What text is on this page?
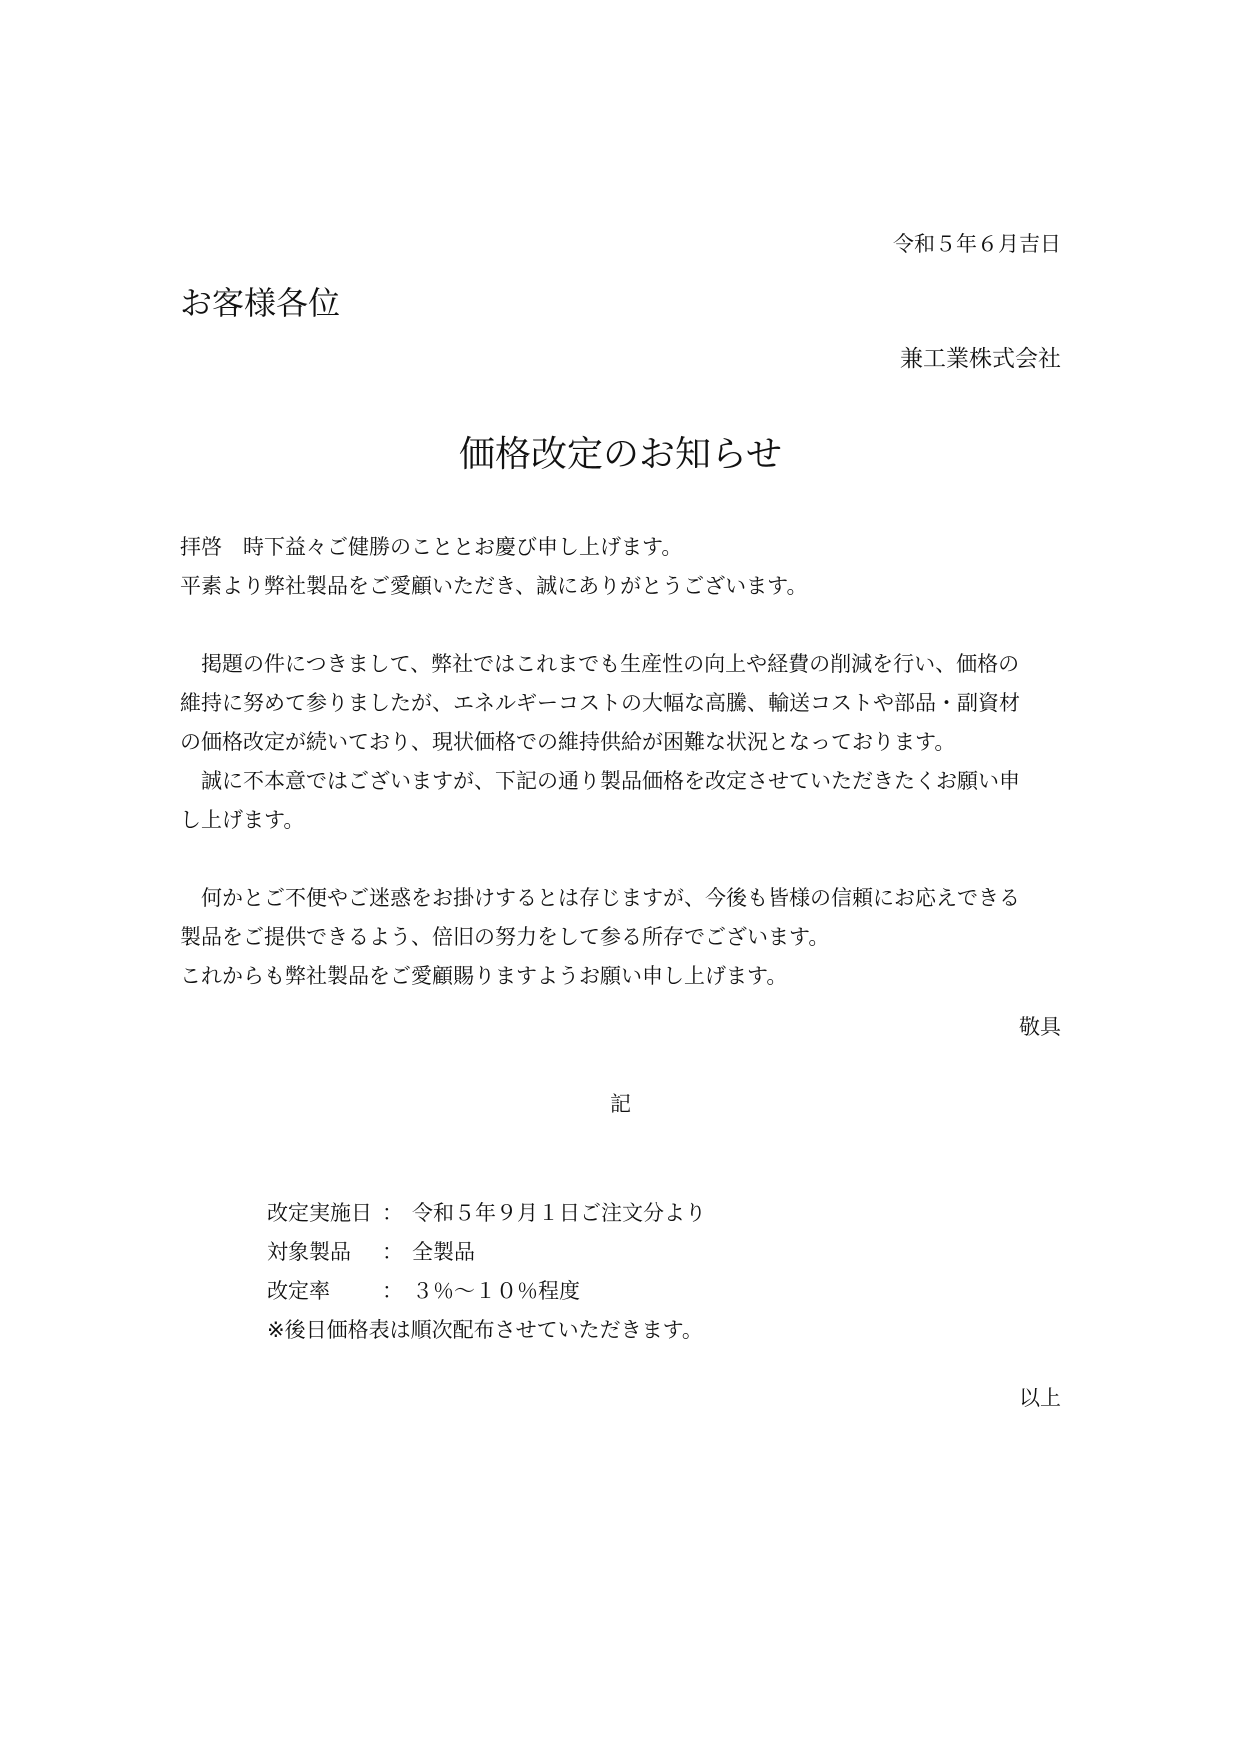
令和５年６月吉日
お客様各位
兼工業株式会社
価格改定のお知らせ

拝啓　時下益々ご健勝のこととお慶び申し上げます。

平素より弊社製品をご愛顧いただき、誠にありがとうございます。

掲題の件につきまして、弊社ではこれまでも生産性の向上や経費の削減を行い、価格の

維持に努めて参りましたが、エネルギーコストの大幅な高騰、輸送コストや部品・副資材

の価格改定が続いており、現状価格での維持供給が困難な状況となっております。

誠に不本意ではございますが、下記の通り製品価格を改定させていただきたくお願い申

し上げます。

何かとご不便やご迷惑をお掛けするとは存じますが、今後も皆様の信頼にお応えできる

製品をご提供できるよう、倍旧の努力をして参る所存でございます。

これからも弊社製品をご愛顧賜りますようお願い申し上げます。

敬具
記
改定実施日 ： 令和５年９月１日ご注文分より
対象製品	： 全製品
改定率	： ３％～１０％程度
※後日価格表は順次配布させていただきます。
以上
